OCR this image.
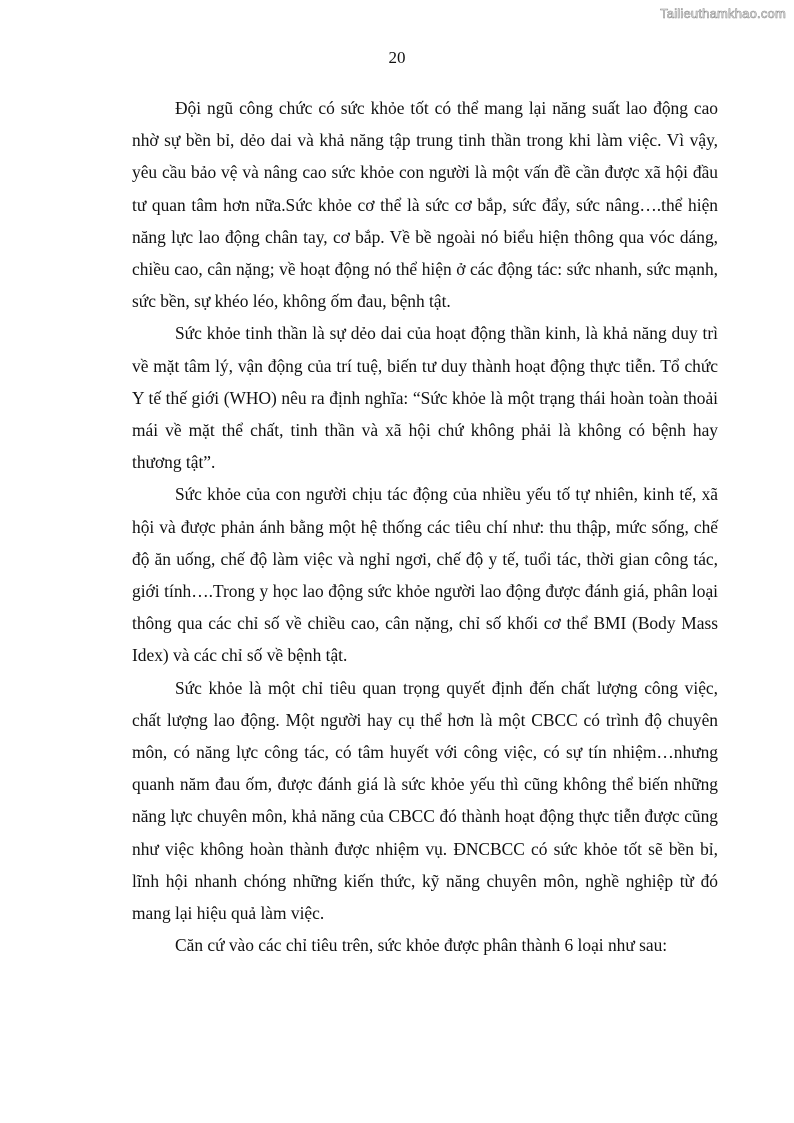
Tailieuthamkhao.com
20

Đội ngũ công chức có sức khỏe tốt có thể mang lại năng suất lao động cao nhờ sự bền bỉ, dẻo dai và khả năng tập trung tinh thần trong khi làm việc. Vì vậy, yêu cầu bảo vệ và nâng cao sức khỏe con người là một vấn đề cần được xã hội đầu tư quan tâm hơn nữa.Sức khỏe cơ thể là sức cơ bắp, sức đẩy, sức nâng….thể hiện năng lực lao động chân tay, cơ bắp. Về bề ngoài nó biểu hiện thông qua vóc dáng, chiều cao, cân nặng; về hoạt động nó thể hiện ở các động tác: sức nhanh, sức mạnh, sức bền, sự khéo léo, không ốm đau, bệnh tật.

Sức khỏe tinh thần là sự dẻo dai của hoạt động thần kinh, là khả năng duy trì về mặt tâm lý, vận động của trí tuệ, biến tư duy thành hoạt động thực tiễn. Tổ chức Y tế thế giới (WHO) nêu ra định nghĩa: “Sức khỏe là một trạng thái hoàn toàn thoải mái về mặt thể chất, tinh thần và xã hội chứ không phải là không có bệnh hay thương tật”.

Sức khỏe của con người chịu tác động của nhiều yếu tố tự nhiên, kinh tế, xã hội và được phản ánh bằng một hệ thống các tiêu chí như: thu thập, mức sống, chế độ ăn uống, chế độ làm việc và nghỉ ngơi, chế độ y tế, tuổi tác, thời gian công tác, giới tính….Trong y học lao động sức khỏe người lao động được đánh giá, phân loại thông qua các chỉ số về chiều cao, cân nặng, chỉ số khối cơ thể BMI (Body Mass Idex) và các chỉ số về bệnh tật.

Sức khỏe là một chỉ tiêu quan trọng quyết định đến chất lượng công việc, chất lượng lao động. Một người hay cụ thể hơn là một CBCC có trình độ chuyên môn, có năng lực công tác, có tâm huyết với công việc, có sự tín nhiệm…nhưng quanh năm đau ốm, được đánh giá là sức khỏe yếu thì cũng không thể biến những năng lực chuyên môn, khả năng của CBCC đó thành hoạt động thực tiễn được cũng như việc không hoàn thành được nhiệm vụ. ĐNCBCC có sức khỏe tốt sẽ bền bỉ, lĩnh hội nhanh chóng những kiến thức, kỹ năng chuyên môn, nghề nghiệp từ đó mang lại hiệu quả làm việc.

Căn cứ vào các chỉ tiêu trên, sức khỏe được phân thành 6 loại như sau:
